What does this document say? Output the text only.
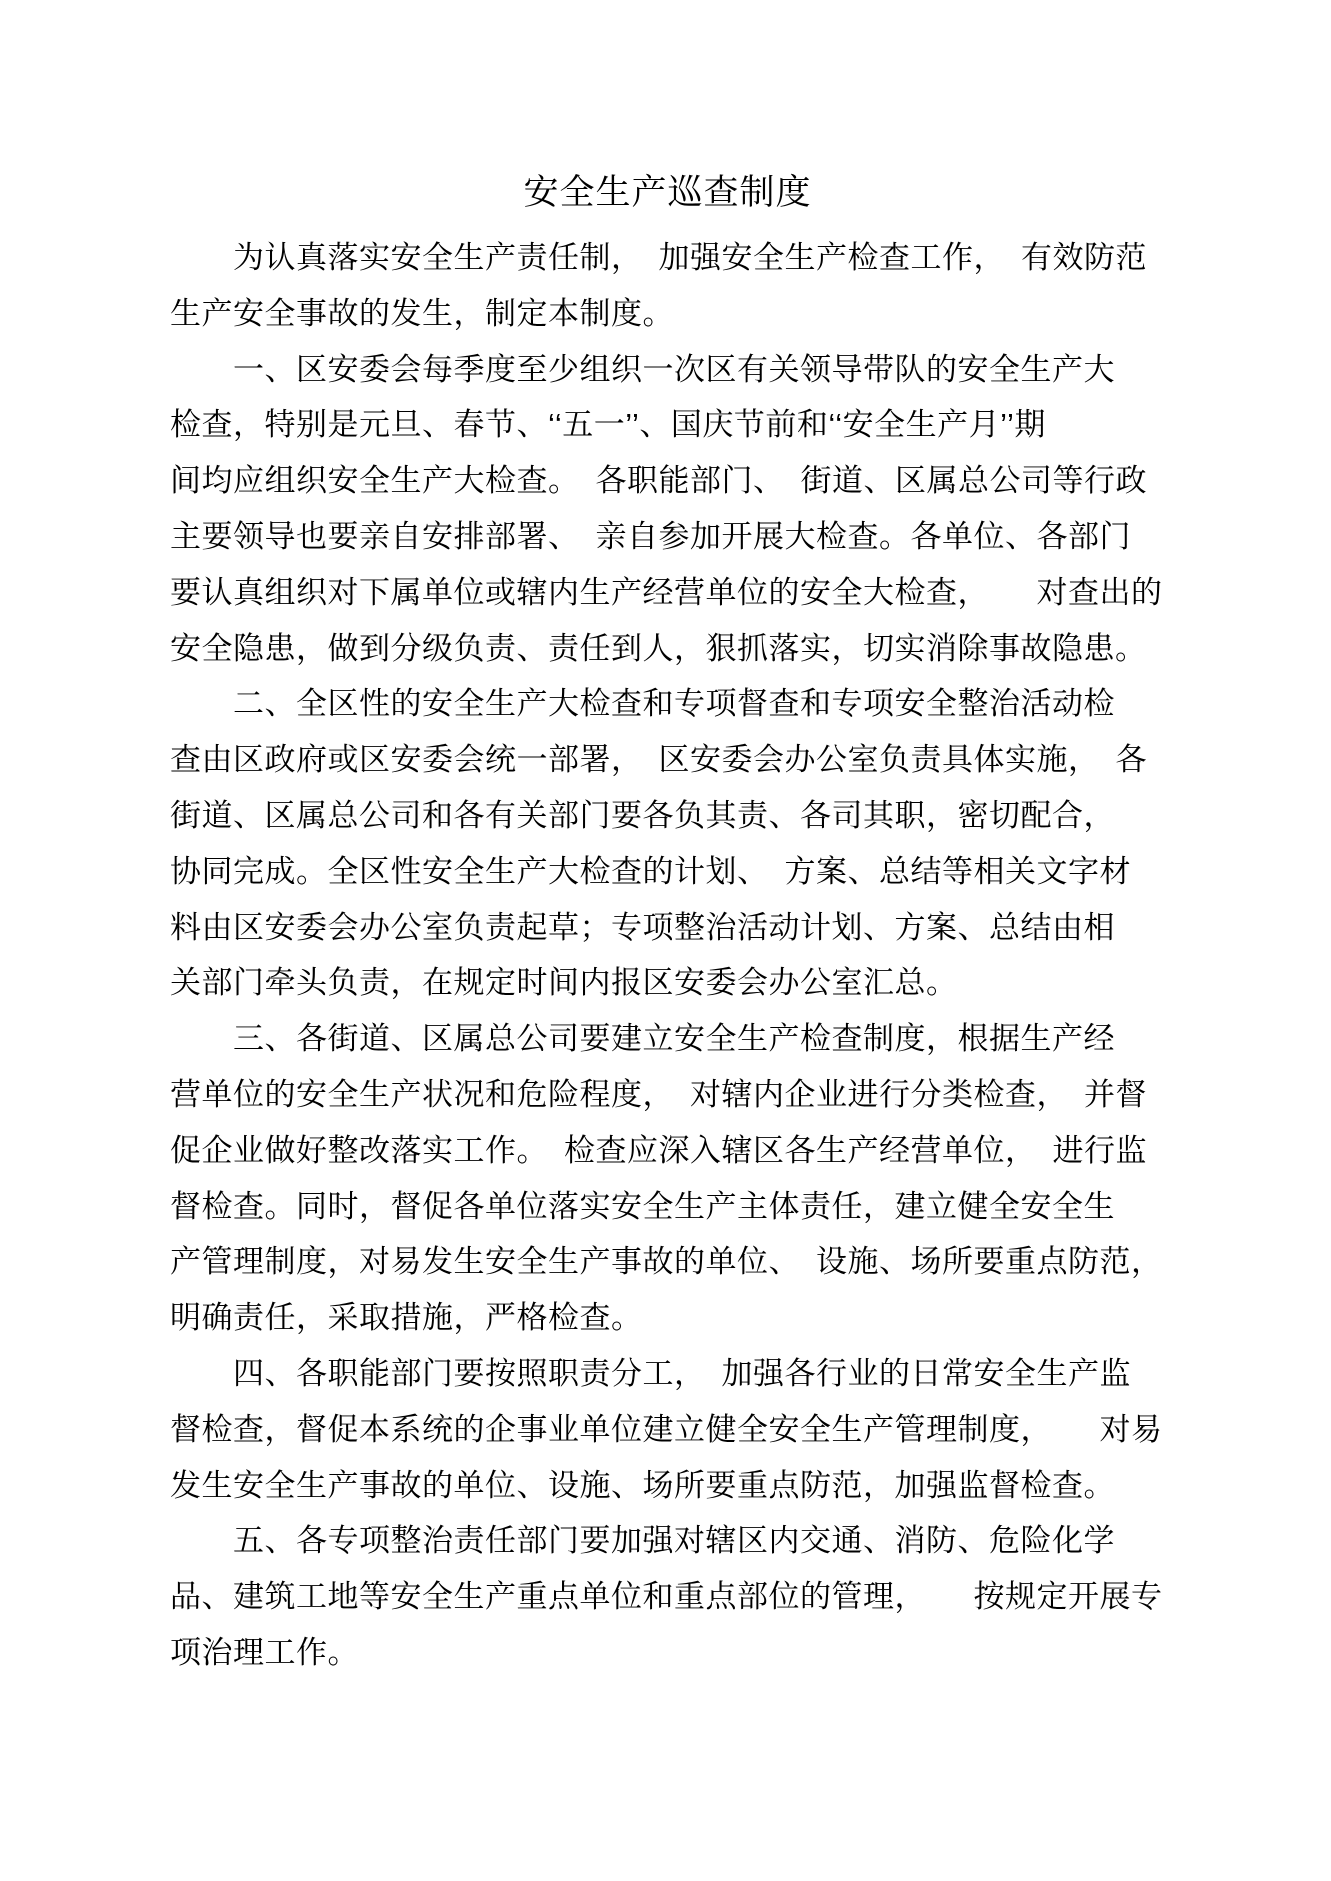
安全生产巡查制度

　　为认真落实安全生产责任制，　加强安全生产检查工作，　有效防范

生产安全事故的发生，制定本制度。

　　一、区安委会每季度至少组织一次区有关领导带队的安全生产大

检查，特别是元旦、春节、‘‘五一’’、国庆节前和‘‘安全生产月’’期

间均应组织安全生产大检查。　各职能部门、　街道、区属总公司等行政

主要领导也要亲自安排部署、　亲自参加开展大检查。各单位、各部门

要认真组织对下属单位或辖内生产经营单位的安全大检查，　　对查出的

安全隐患，做到分级负责、责任到人，狠抓落实，切实消除事故隐患。

　　二、全区性的安全生产大检查和专项督查和专项安全整治活动检

查由区政府或区安委会统一部署，　区安委会办公室负责具体实施，　各

街道、区属总公司和各有关部门要各负其责、各司其职，密切配合，

协同完成。全区性安全生产大检查的计划、　方案、总结等相关文字材

料由区安委会办公室负责起草；专项整治活动计划、方案、总结由相

关部门牵头负责，在规定时间内报区安委会办公室汇总。

　　三、各街道、区属总公司要建立安全生产检查制度，根据生产经

营单位的安全生产状况和危险程度，　对辖内企业进行分类检查，　并督

促企业做好整改落实工作。　检查应深入辖区各生产经营单位，　进行监

督检查。同时，督促各单位落实安全生产主体责任，建立健全安全生

产管理制度，对易发生安全生产事故的单位、　设施、场所要重点防范，

明确责任，采取措施，严格检查。

　　四、各职能部门要按照职责分工，　加强各行业的日常安全生产监

督检查，督促本系统的企事业单位建立健全安全生产管理制度，　　对易

发生安全生产事故的单位、设施、场所要重点防范，加强监督检查。

　　五、各专项整治责任部门要加强对辖区内交通、消防、危险化学

品、建筑工地等安全生产重点单位和重点部位的管理，　　按规定开展专

项治理工作。
